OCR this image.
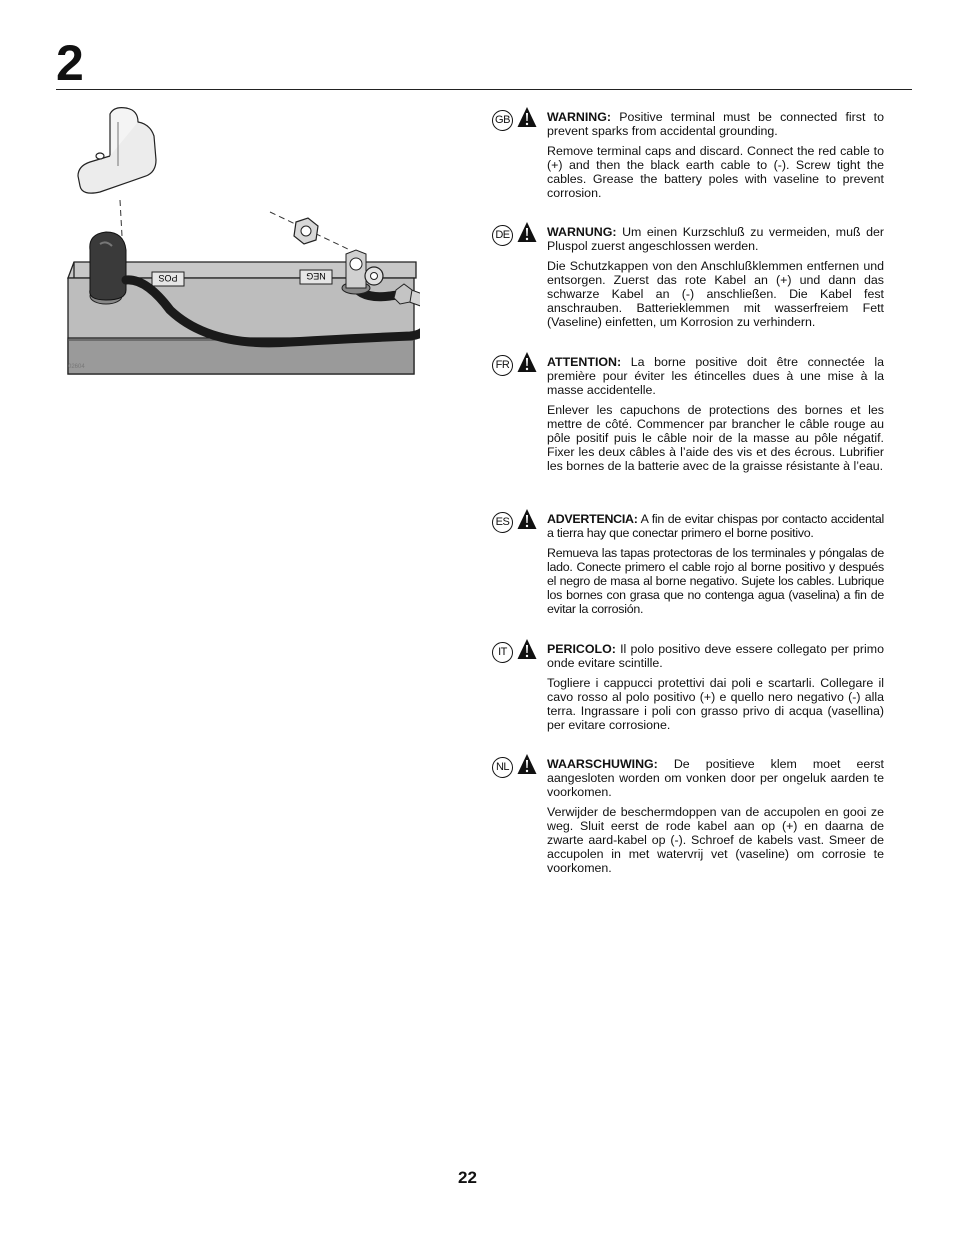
2
POS	NEG
02604
GB	WARNING: Positive terminal must be connected first to prevent sparks from accidental grounding.

Remove terminal caps and discard. Connect the red cable to (+) and then the black earth cable to (-). Screw tight the cables. Grease the battery poles with vaseline to prevent corrosion.

DE	WARNUNG: Um einen Kurzschluß zu vermeiden, muß der Pluspol zuerst angeschlossen werden.

Die Schutzkappen von den Anschlußklemmen entfernen und entsorgen. Zuerst das rote Kabel an (+) und dann das schwarze Kabel an (-) anschließen. Die Kabel fest anschrauben. Batterieklemmen mit wasserfreiem Fett (Vaseline) einfetten, um Korrosion zu verhindern.

FR	ATTENTION: La borne positive doit être connectée la première pour éviter les étincelles dues à une mise à la masse accidentelle.

Enlever les capuchons de protections des bornes et les mettre de côté. Commencer par brancher le câble rouge au pôle positif puis le câble noir de la masse au pôle négatif. Fixer les deux câbles à l’aide des vis et des écrous. Lubrifier les bornes de la batterie avec de la graisse résistante à l’eau.

ES	ADVERTENCIA: A fin de evitar chispas por contacto accidental a tierra hay que conectar primero el borne positivo.

Remueva las tapas protectoras de los terminales y póngalas de lado. Conecte primero el cable rojo al borne positivo y después el negro de masa al borne negativo. Sujete los cables. Lubrique los bornes con grasa que no contenga agua (vaselina) a fin de evitar la corrosión.

IT	PERICOLO: Il polo positivo deve essere collegato per primo onde evitare scintille.

Togliere i cappucci protettivi dai poli e scartarli. Collegare il cavo rosso al polo positivo (+) e quello nero negativo (-) alla terra. Ingrassare i poli con grasso privo di acqua (vasellina) per evitare corrosione.

NL	WAARSCHUWING: De positieve klem moet eerst aangesloten worden om vonken door per ongeluk aarden te voorkomen.

Verwijder de beschermdoppen van de accupolen en gooi ze weg. Sluit eerst de rode kabel aan op (+) en daarna de zwarte aard-kabel op (-). Schroef de kabels vast. Smeer de accupolen in met watervrij vet (vaseline) om corrosie te voorkomen.

22
